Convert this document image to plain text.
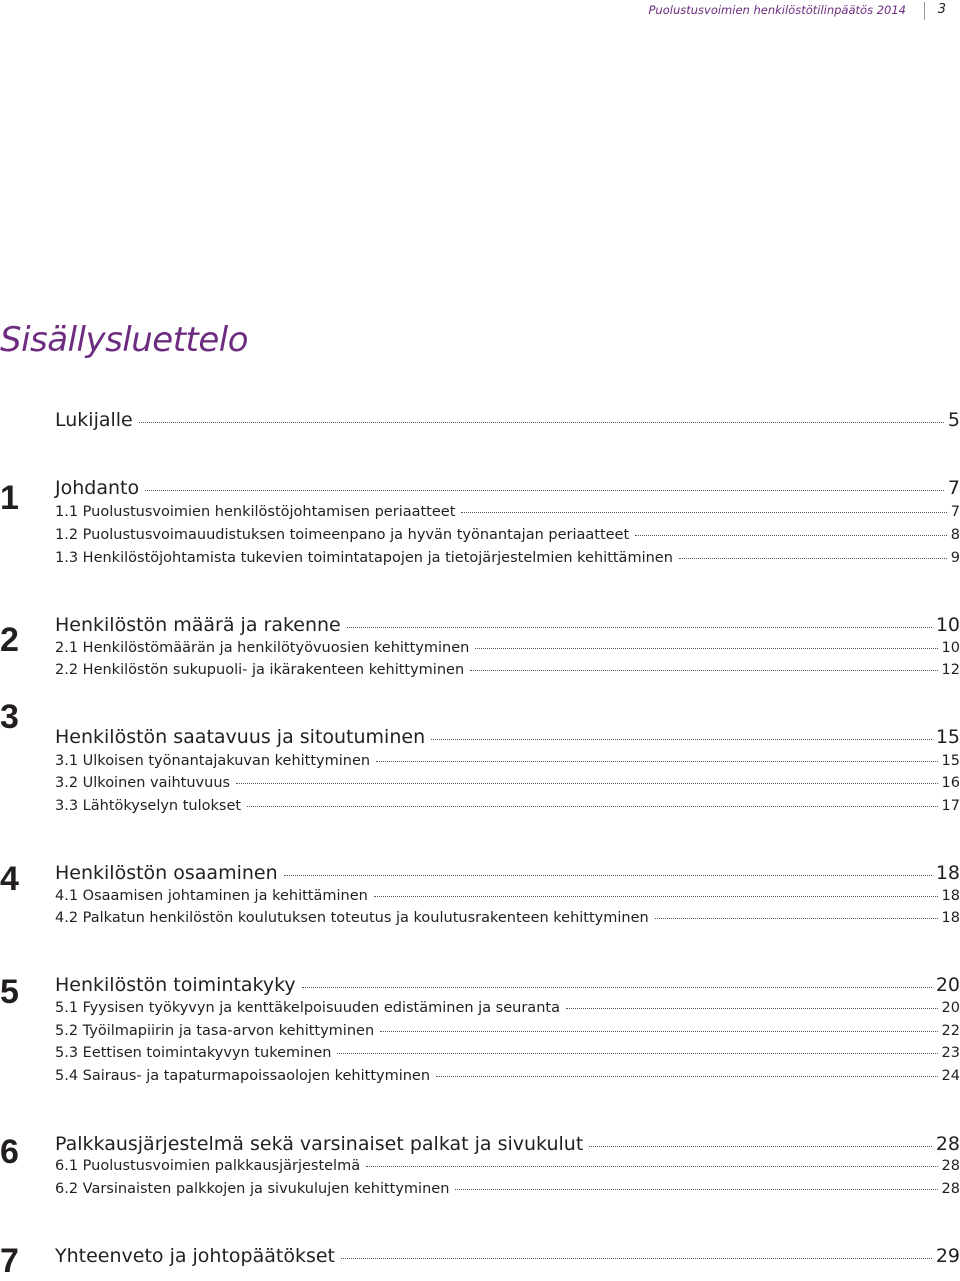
Puolustusvoimien henkilöstötilinpäätös 2014 3
Sisällysluettelo
1
2
3
4
5
6
7
Lukijalle	5
Johdanto	7
1.1 Puolustusvoimien henkilöstöjohtamisen periaatteet	7
1.2 Puolustusvoimauudistuksen toimeenpano ja hyvän työnantajan periaatteet	8
1.3 Henkilöstöjohtamista tukevien toimintatapojen ja tietojärjestelmien kehittäminen	9
Henkilöstön määrä ja rakenne	10
2.1 Henkilöstömäärän ja henkilötyövuosien kehittyminen	10
2.2 Henkilöstön sukupuoli- ja ikärakenteen kehittyminen	12
Henkilöstön saatavuus ja sitoutuminen	15
3.1 Ulkoisen työnantajakuvan kehittyminen	15
3.2 Ulkoinen vaihtuvuus	16
3.3 Lähtökyselyn tulokset	17
Henkilöstön osaaminen	18
4.1 Osaamisen johtaminen ja kehittäminen	18
4.2 Palkatun henkilöstön koulutuksen toteutus ja koulutusrakenteen kehittyminen	18
Henkilöstön toimintakyky	20
5.1 Fyysisen työkyvyn ja kenttäkelpoisuuden edistäminen ja seuranta	20
5.2 Työilmapiirin ja tasa-arvon kehittyminen	22
5.3 Eettisen toimintakyvyn tukeminen	23
5.4 Sairaus- ja tapaturmapoissaolojen kehittyminen	24
Palkkausjärjestelmä sekä varsinaiset palkat ja sivukulut	28
6.1 Puolustusvoimien palkkausjärjestelmä	28
6.2 Varsinaisten palkkojen ja sivukulujen kehittyminen	28
Yhteenveto ja johtopäätökset	29
